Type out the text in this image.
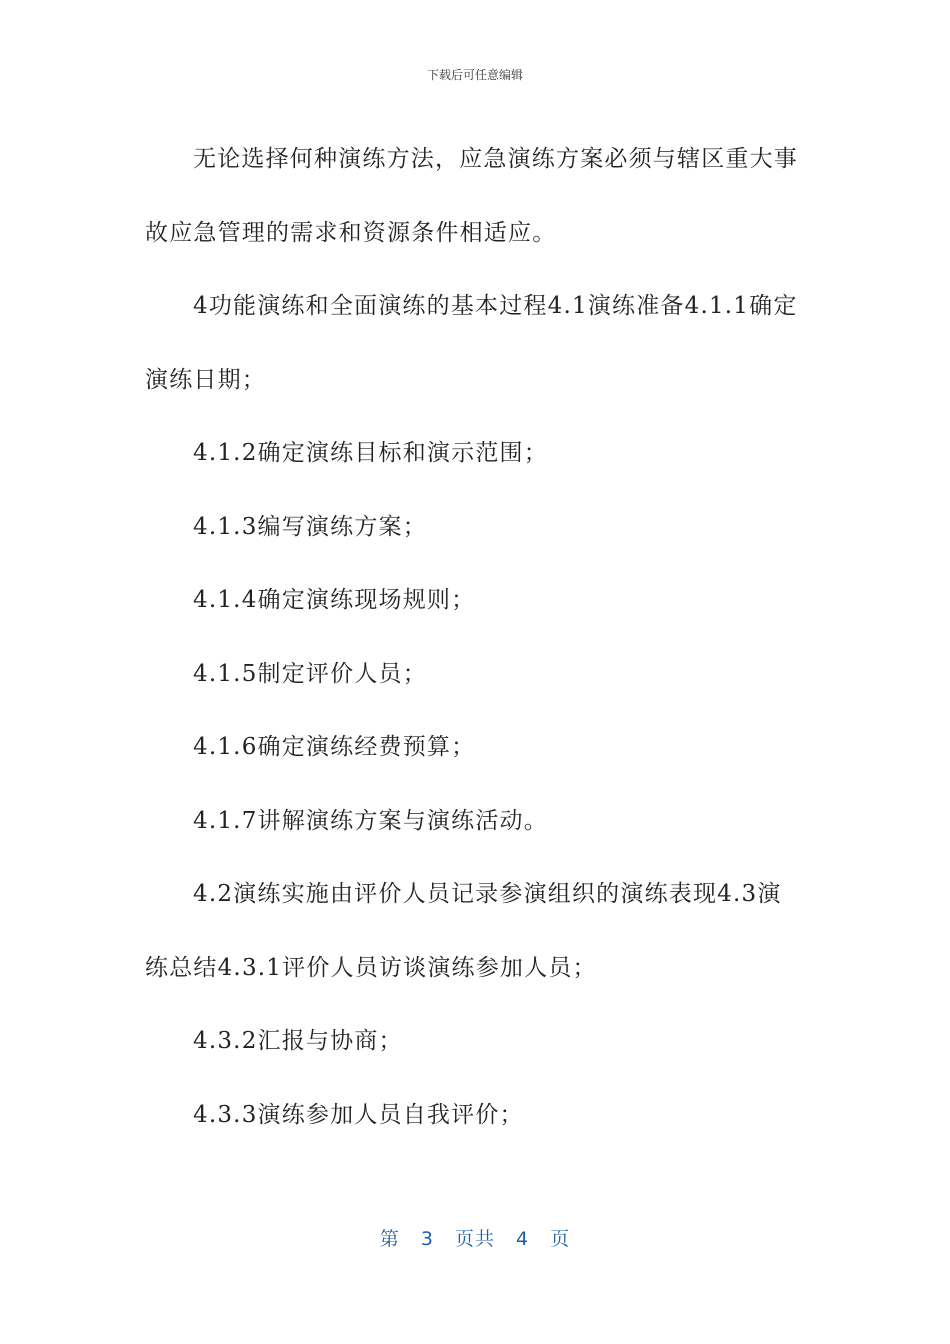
下载后可任意编辑

无论选择何种演练方法，应急演练方案必须与辖区重大事故应急管理的需求和资源条件相适应。

4功能演练和全面演练的基本过程4.1演练准备4.1.1确定演练日期；

4.1.2确定演练目标和演示范围；

4.1.3编写演练方案；

4.1.4确定演练现场规则；

4.1.5制定评价人员；

4.1.6确定演练经费预算；

4.1.7讲解演练方案与演练活动。

4.2演练实施由评价人员记录参演组织的演练表现4.3演练总结4.3.1评价人员访谈演练参加人员；

4.3.2汇报与协商；

4.3.3演练参加人员自我评价；

第 3 页共 4 页
